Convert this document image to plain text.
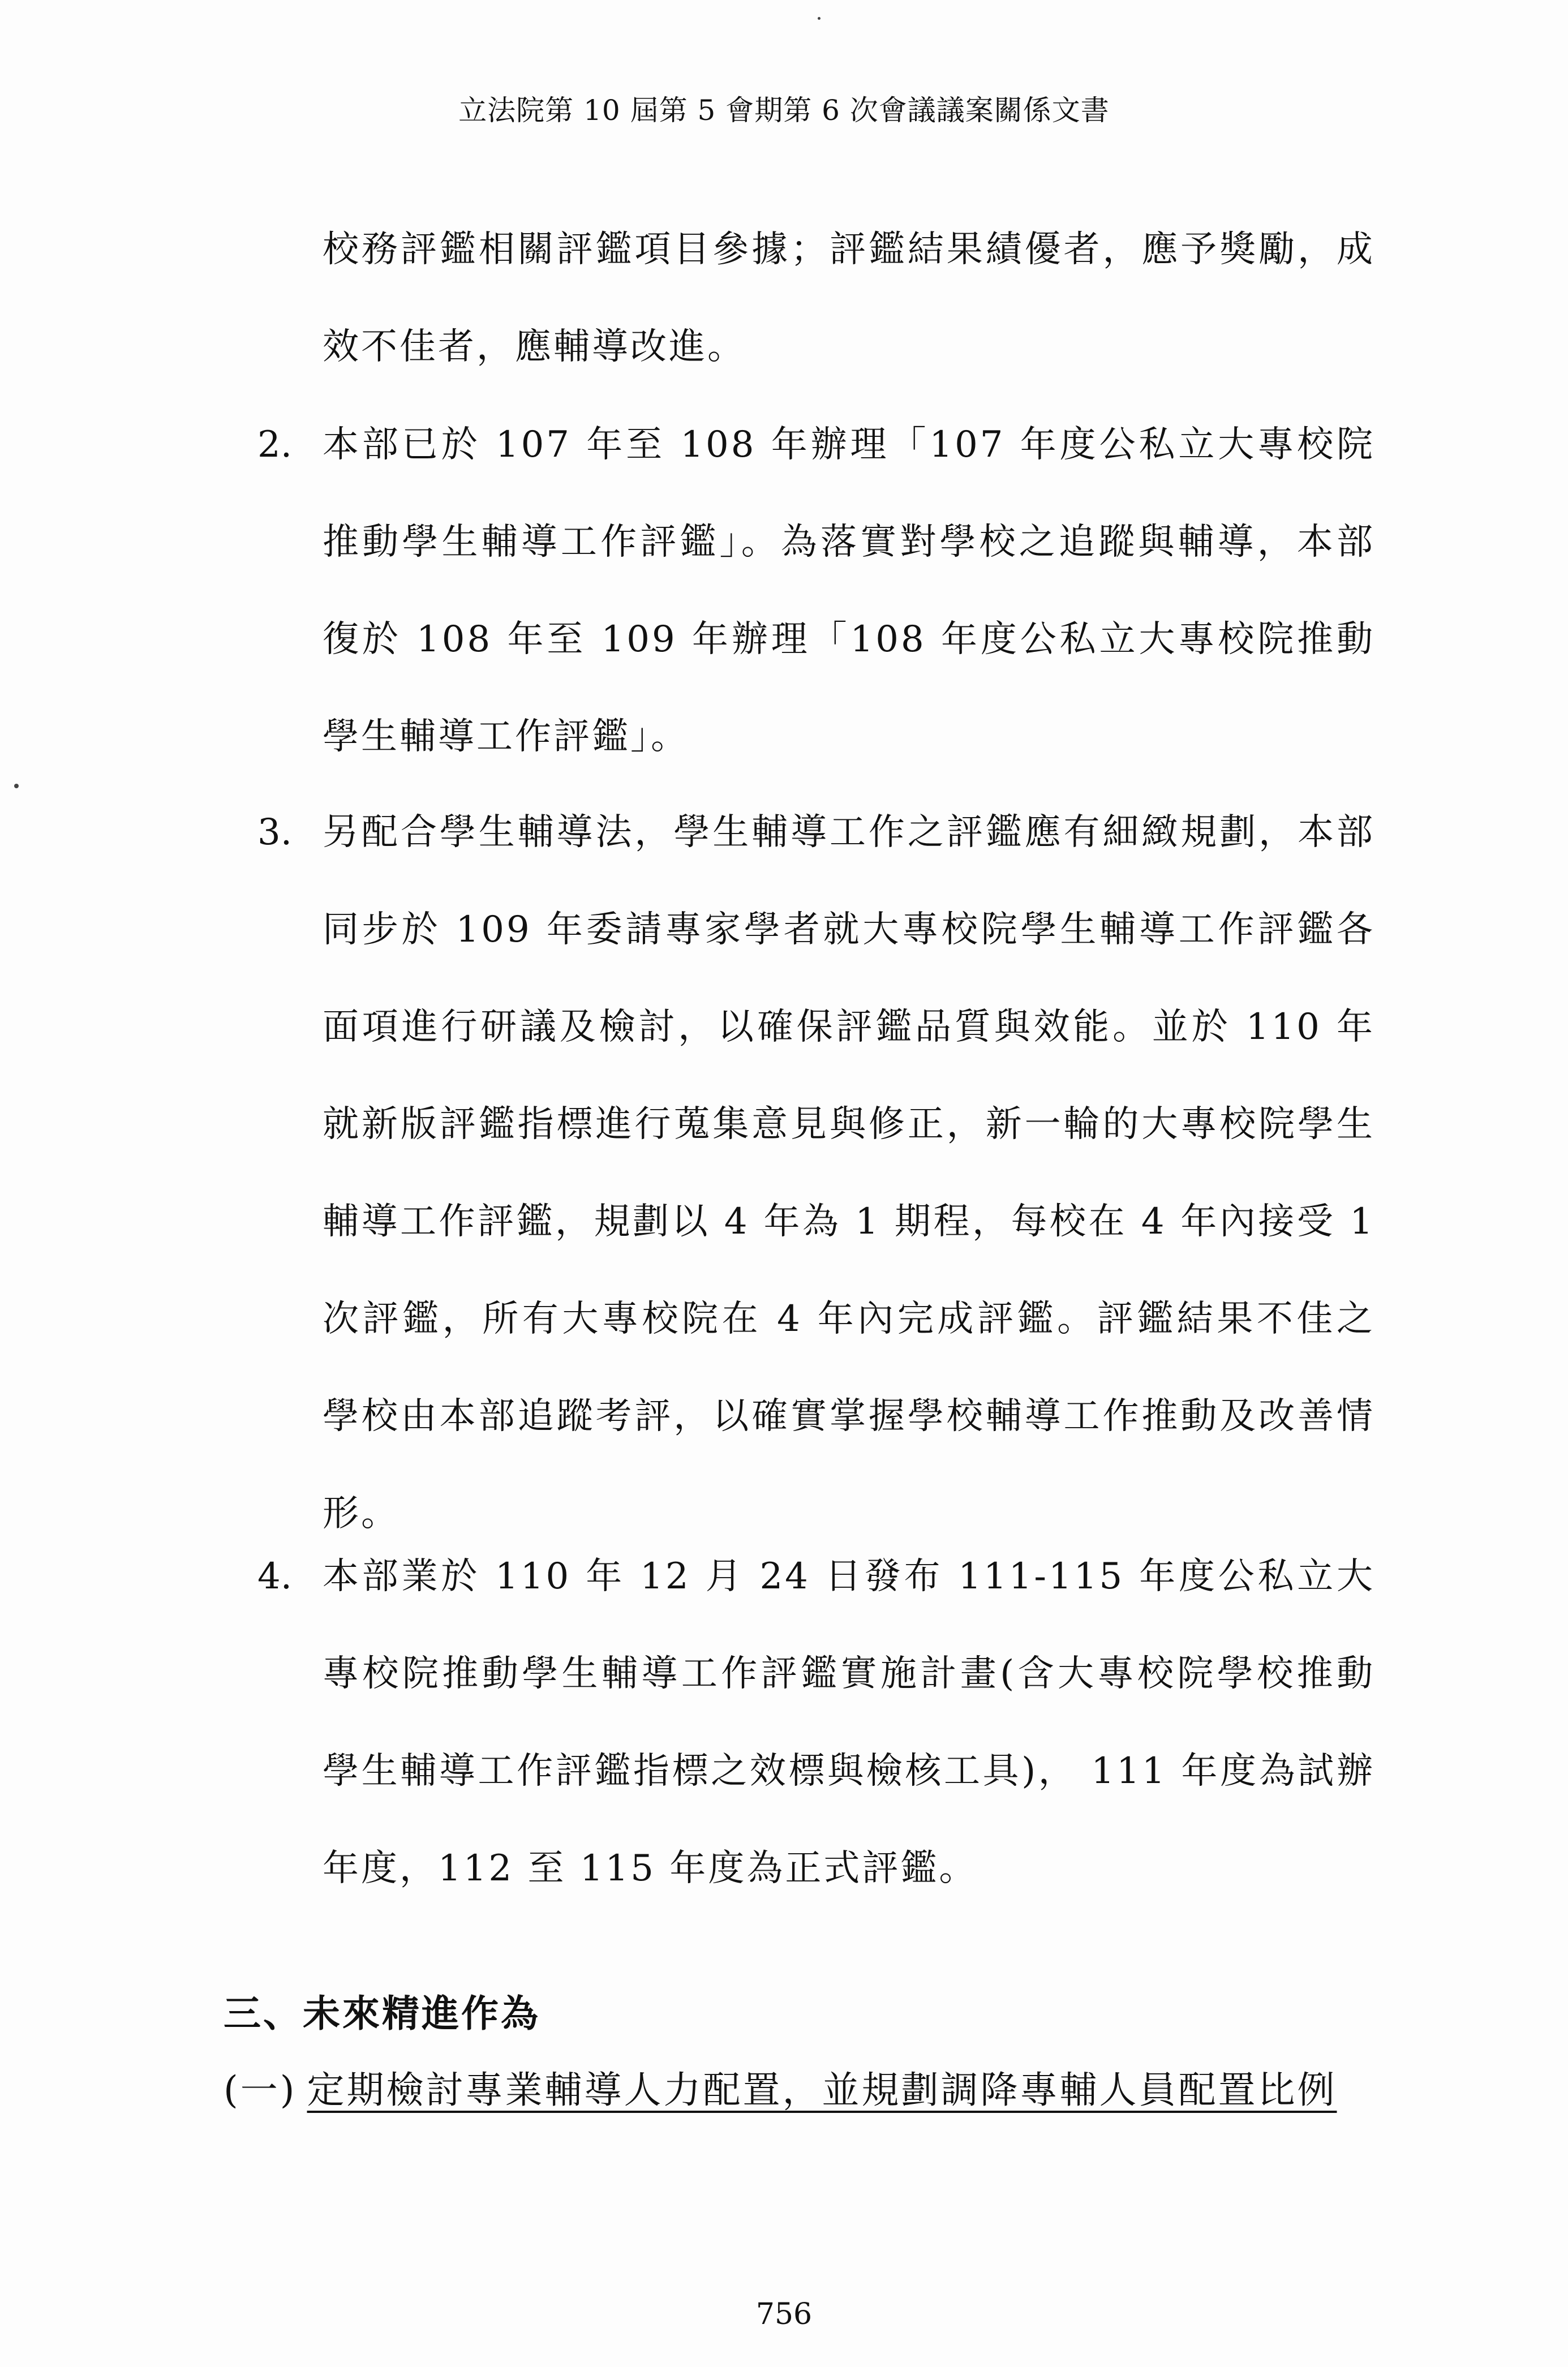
立法院第 10 屆第 5 會期第 6 次會議議案關係文書
校務評鑑相關評鑑項目參據；評鑑結果績優者，應予獎勵，成效不佳者，應輔導改進。
2. 本部已於 107 年至 108 年辦理「107 年度公私立大專校院推動學生輔導工作評鑑」。為落實對學校之追蹤與輔導，本部復於 108 年至 109 年辦理「108 年度公私立大專校院推動學生輔導工作評鑑」。
3. 另配合學生輔導法，學生輔導工作之評鑑應有細緻規劃，本部同步於 109 年委請專家學者就大專校院學生輔導工作評鑑各面項進行研議及檢討，以確保評鑑品質與效能。並於 110 年就新版評鑑指標進行蒐集意見與修正，新一輪的大專校院學生輔導工作評鑑，規劃以 4 年為 1 期程，每校在 4 年內接受 1 次評鑑，所有大專校院在 4 年內完成評鑑。評鑑結果不佳之學校由本部追蹤考評，以確實掌握學校輔導工作推動及改善情形。
4. 本部業於 110 年 12 月 24 日發布 111-115 年度公私立大專校院推動學生輔導工作評鑑實施計畫(含大專校院學校推動學生輔導工作評鑑指標之效標與檢核工具)， 111 年度為試辦年度，112 至 115 年度為正式評鑑。
三、未來精進作為
(一) 定期檢討專業輔導人力配置，並規劃調降專輔人員配置比例
756
